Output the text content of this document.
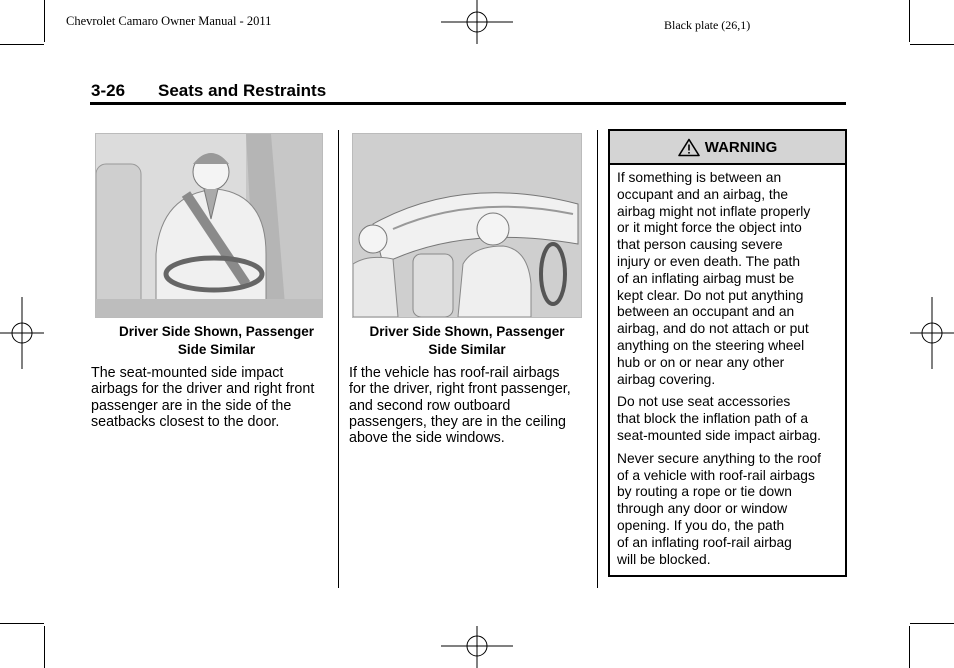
Chevrolet Camaro Owner Manual - 2011	Black plate (26,1)
3-26 Seats and Restraints
Driver Side Shown, Passenger
Side Similar
The seat-mounted side impact
airbags for the driver and right front
passenger are in the side of the
seatbacks closest to the door.
Driver Side Shown, Passenger
Side Similar
If the vehicle has roof-rail airbags
for the driver, right front passenger,
and second row outboard
passengers, they are in the ceiling
above the side windows.
WARNING

If something is between an
occupant and an airbag, the
airbag might not inflate properly
or it might force the object into
that person causing severe
injury or even death. The path
of an inflating airbag must be
kept clear. Do not put anything
between an occupant and an
airbag, and do not attach or put
anything on the steering wheel
hub or on or near any other
airbag covering.

Do not use seat accessories
that block the inflation path of a
seat-mounted side impact airbag.

Never secure anything to the roof
of a vehicle with roof-rail airbags
by routing a rope or tie down
through any door or window
opening. If you do, the path
of an inflating roof-rail airbag
will be blocked.
